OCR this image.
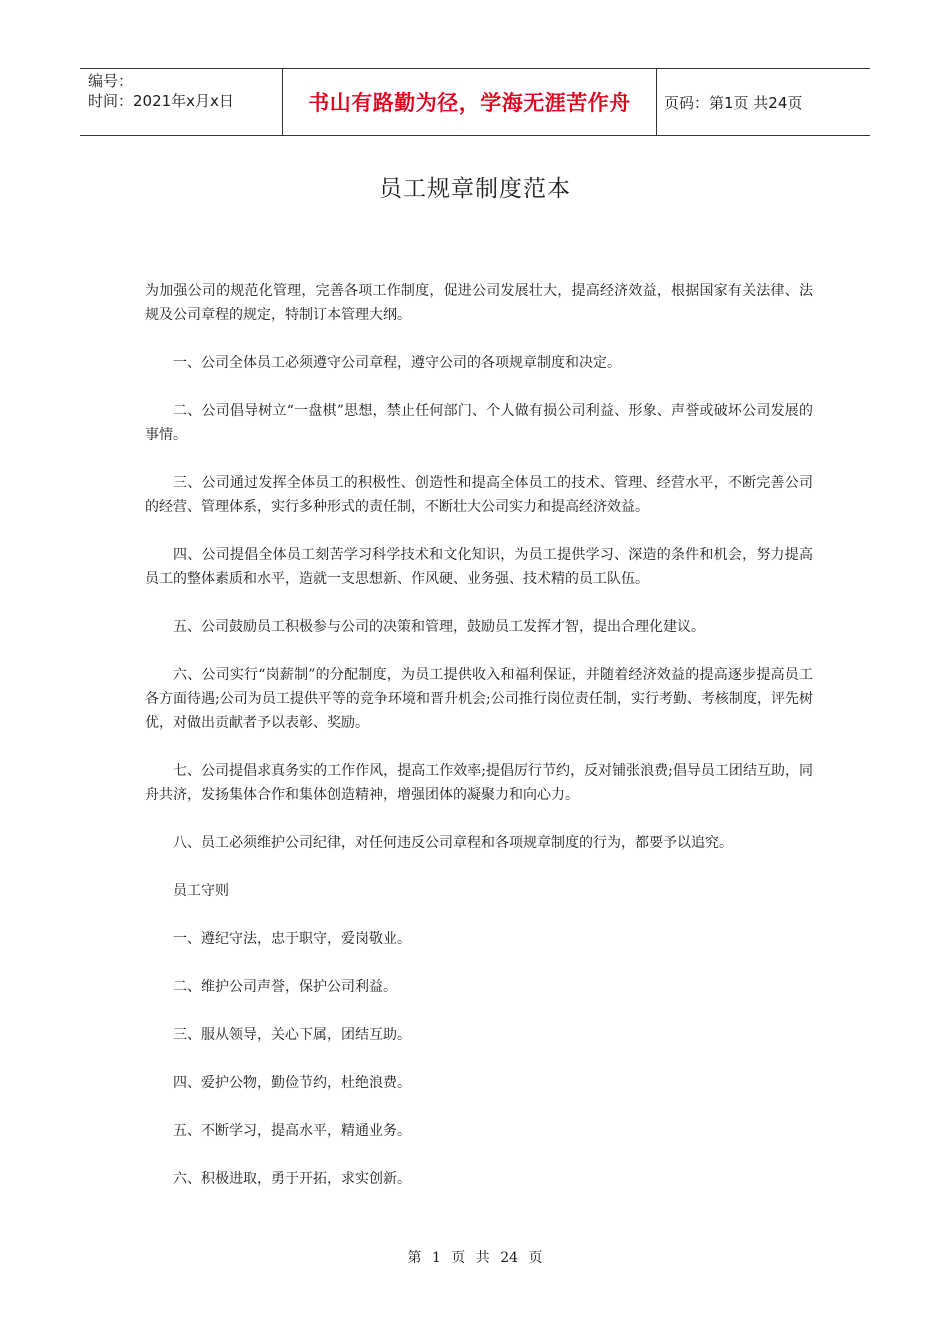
编号：
时间：2021年x月x日	书山有路勤为径，学海无涯苦作舟 页码：第1页 共24页
员工规章制度范本

为加强公司的规范化管理，完善各项工作制度，促进公司发展壮大，提高经济效益，根据国家有关法律、法规及公司章程的规定，特制订本管理大纲。

一、公司全体员工必须遵守公司章程，遵守公司的各项规章制度和决定。

二、公司倡导树立“一盘棋”思想，禁止任何部门、个人做有损公司利益、形象、声誉或破坏公司发展的事情。

三、公司通过发挥全体员工的积极性、创造性和提高全体员工的技术、管理、经营水平，不断完善公司的经营、管理体系，实行多种形式的责任制，不断壮大公司实力和提高经济效益。

四、公司提倡全体员工刻苦学习科学技术和文化知识，为员工提供学习、深造的条件和机会，努力提高员工的整体素质和水平，造就一支思想新、作风硬、业务强、技术精的员工队伍。

五、公司鼓励员工积极参与公司的决策和管理，鼓励员工发挥才智，提出合理化建议。

六、公司实行“岗薪制”的分配制度，为员工提供收入和福利保证，并随着经济效益的提高逐步提高员工各方面待遇;公司为员工提供平等的竞争环境和晋升机会;公司推行岗位责任制，实行考勤、考核制度，评先树优，对做出贡献者予以表彰、奖励。

七、公司提倡求真务实的工作作风，提高工作效率;提倡厉行节约，反对铺张浪费;倡导员工团结互助，同舟共济，发扬集体合作和集体创造精神，增强团体的凝聚力和向心力。

八、员工必须维护公司纪律，对任何违反公司章程和各项规章制度的行为，都要予以追究。

员工守则

一、遵纪守法，忠于职守，爱岗敬业。

二、维护公司声誉，保护公司利益。

三、服从领导，关心下属，团结互助。

四、爱护公物，勤俭节约，杜绝浪费。

五、不断学习，提高水平，精通业务。

六、积极进取，勇于开拓，求实创新。

第 1 页 共 24 页
